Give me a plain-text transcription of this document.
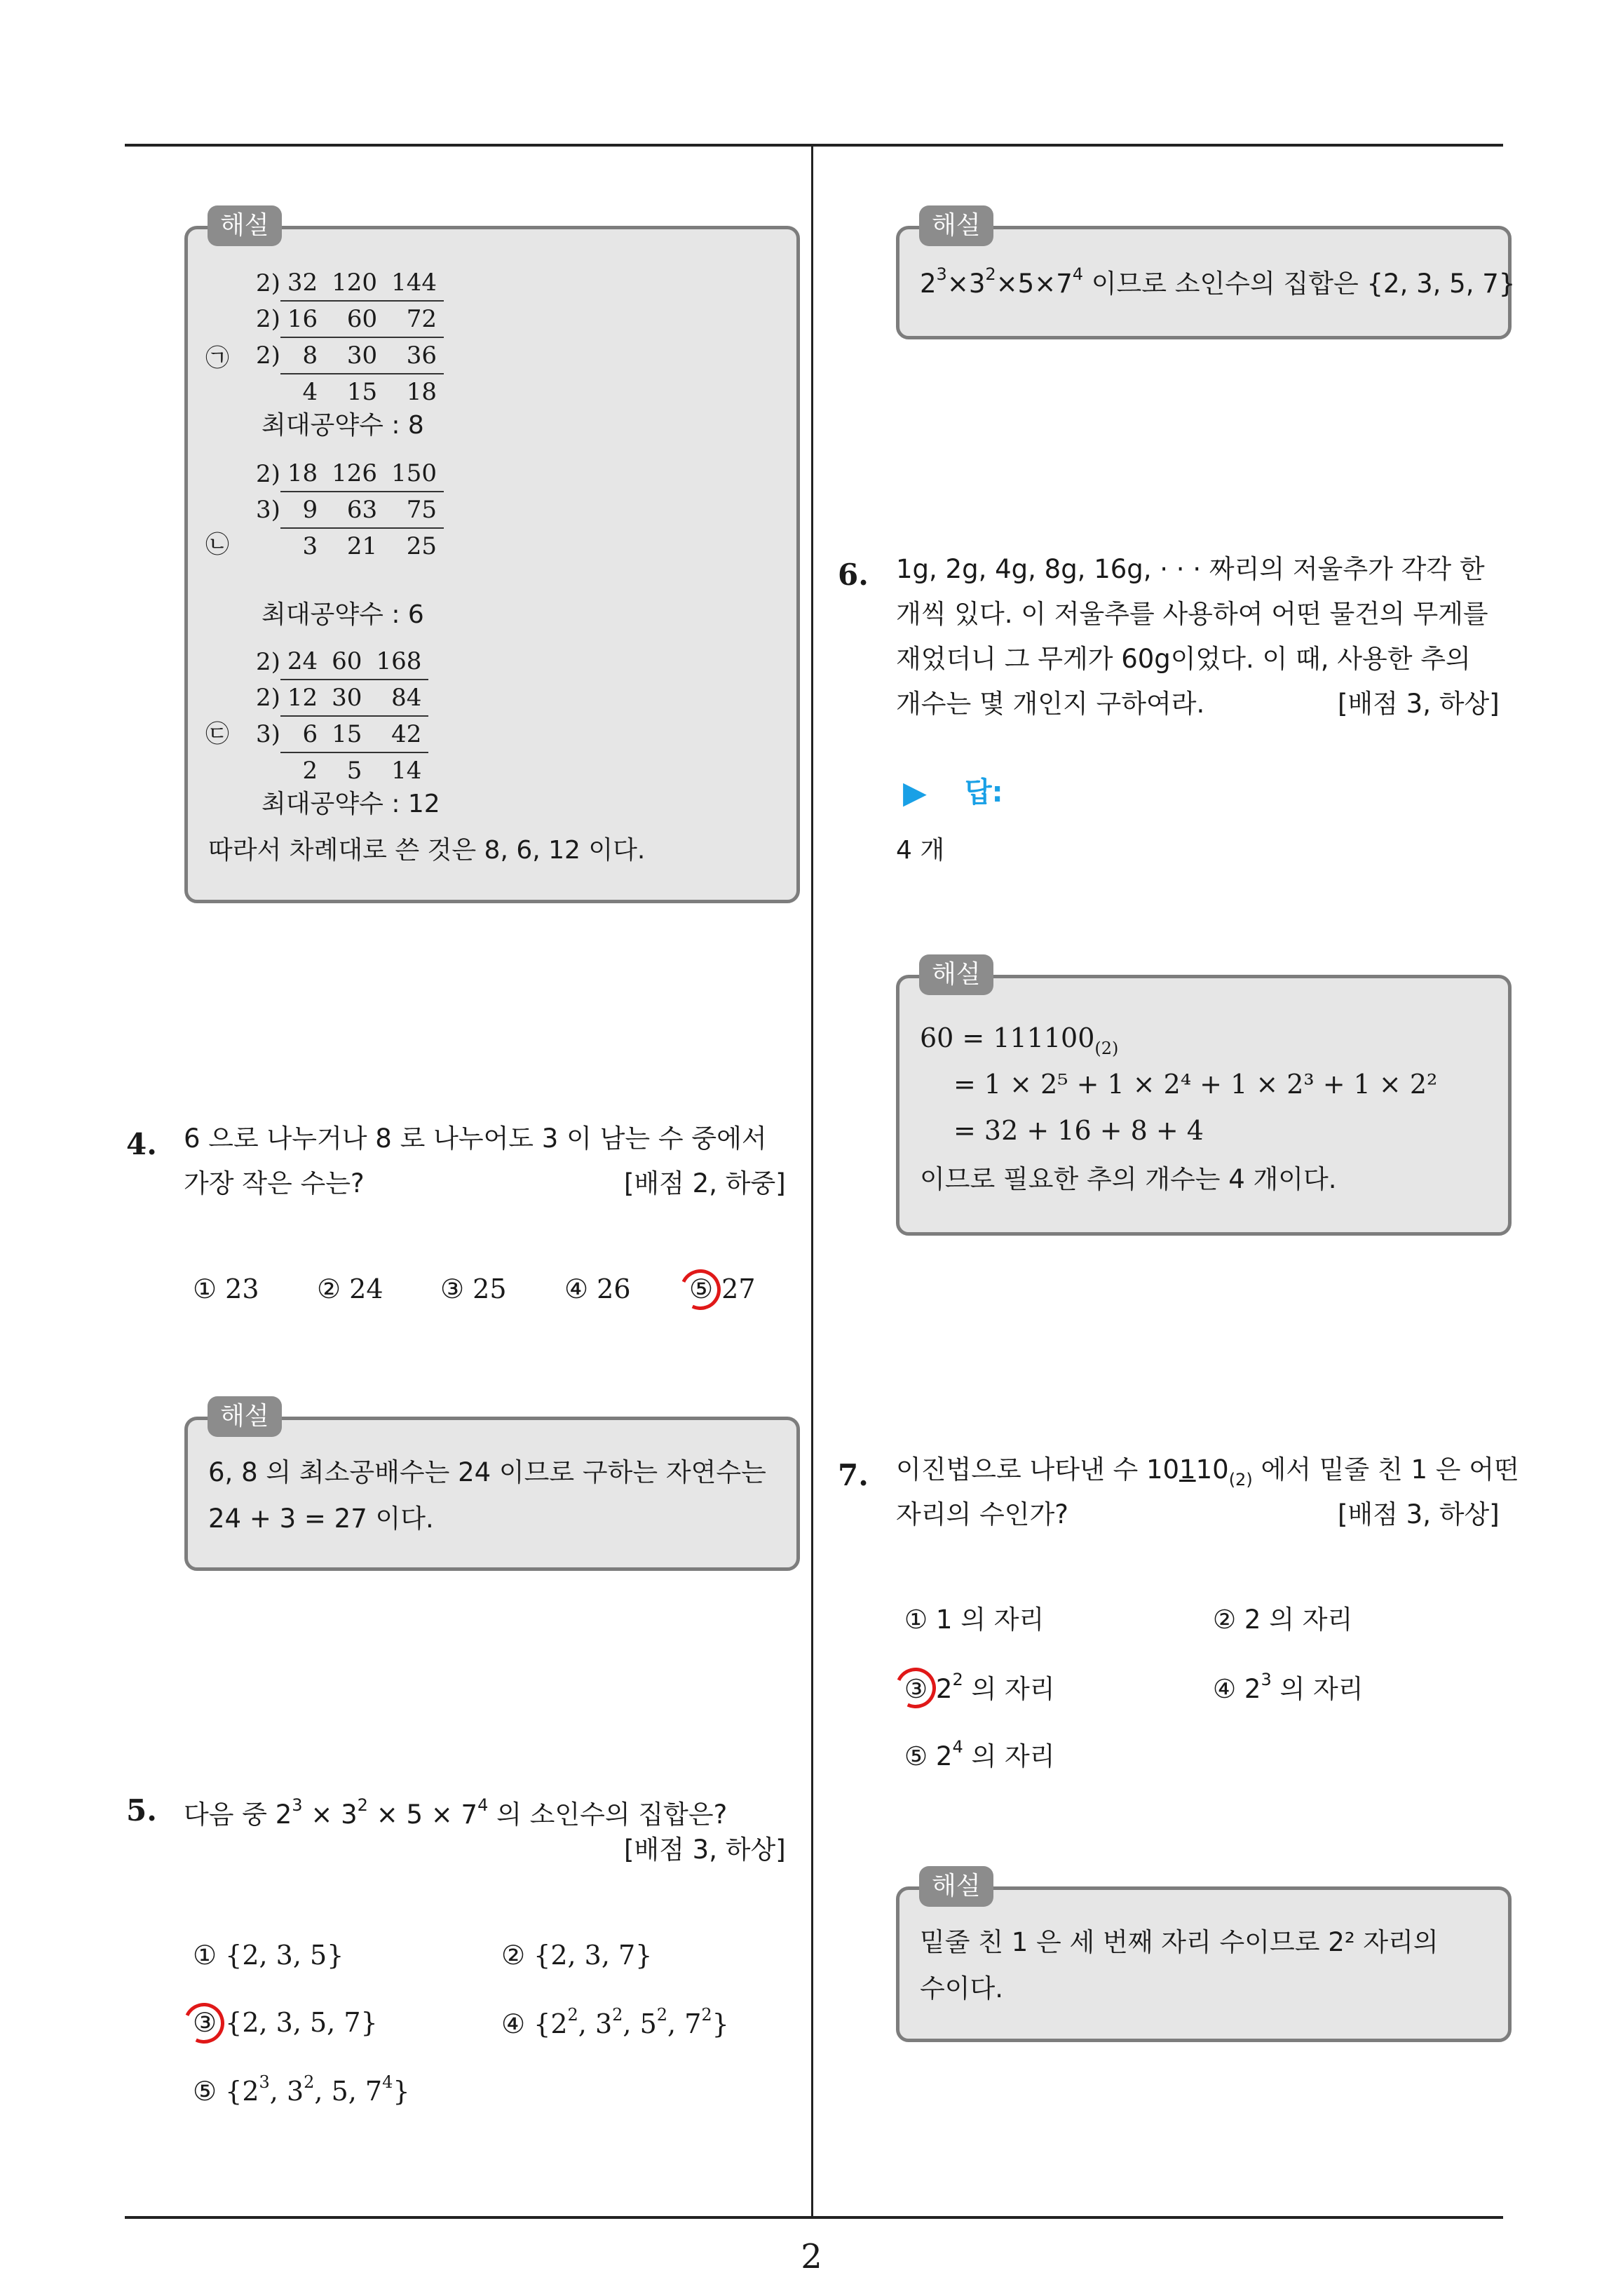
해설
㉠
2)	32	120	144
2)	16	60	72
2)	8	30	36
	4	15	18
최대공약수 : 8
㉡
2)	18	126	150
3)	9	63	75
	3	21	25
최대공약수 : 6
㉢
2)	24	60	168
2)	12	30	84
3)	6	15	42
	2	5	14
최대공약수 : 12
따라서 차례대로 쓴 것은 8, 6, 12 이다.
4. 6 으로 나누거나 8 로 나누어도 3 이 남는 수 중에서
가장 작은 수는?	[배점 2, 하중]
① 23 ② 24 ③ 25 ④ 26 ⑤ 27
해설
6, 8 의 최소공배수는 24 이므로 구하는 자연수는
24 + 3 = 27 이다.
5. 다음 중 $2^3 \times 3^2 \times 5 \times 7^4$ 의 소인수의 집합은?
[배점 3, 하상]
① {2, 3, 5}	② {2, 3, 7}
③ {2, 3, 5, 7}	④ {$2^2$, $3^2$, $5^2$, $7^2$}
⑤ {$2^3$, $3^2$, 5, $7^4$}
해설
$2^3\times 3^2\times 5\times 7^4$ 이므로 소인수의 집합은 {2, 3, 5, 7}
6. 1g, 2g, 4g, 8g, 16g, · · · 짜리의 저울추가 각각 한
개씩 있다. 이 저울추를 사용하여 어떤 물건의 무게를
재었더니 그 무게가 60g이었다. 이 때, 사용한 추의
개수는 몇 개인지 구하여라.	[배점 3, 하상]
▶ 답:
4 개
해설
$60 = 111100_{(2)}$
= 1 × 2⁵ + 1 × 2⁴ + 1 × 2³ + 1 × 2²
= 32 + 16 + 8 + 4
이므로 필요한 추의 개수는 4 개이다.
7. 이진법으로 나타낸 수 $10110_{(2)}$ 에서 밑줄 친 1 은 어떤
자리의 수인가?	[배점 3, 하상]
① 1 의 자리	② 2 의 자리
③ $2^2$ 의 자리	④ $2^3$ 의 자리
⑤ $2^4$ 의 자리
해설
밑줄 친 1 은 세 번째 자리 수이므로 2² 자리의
수이다.
2
